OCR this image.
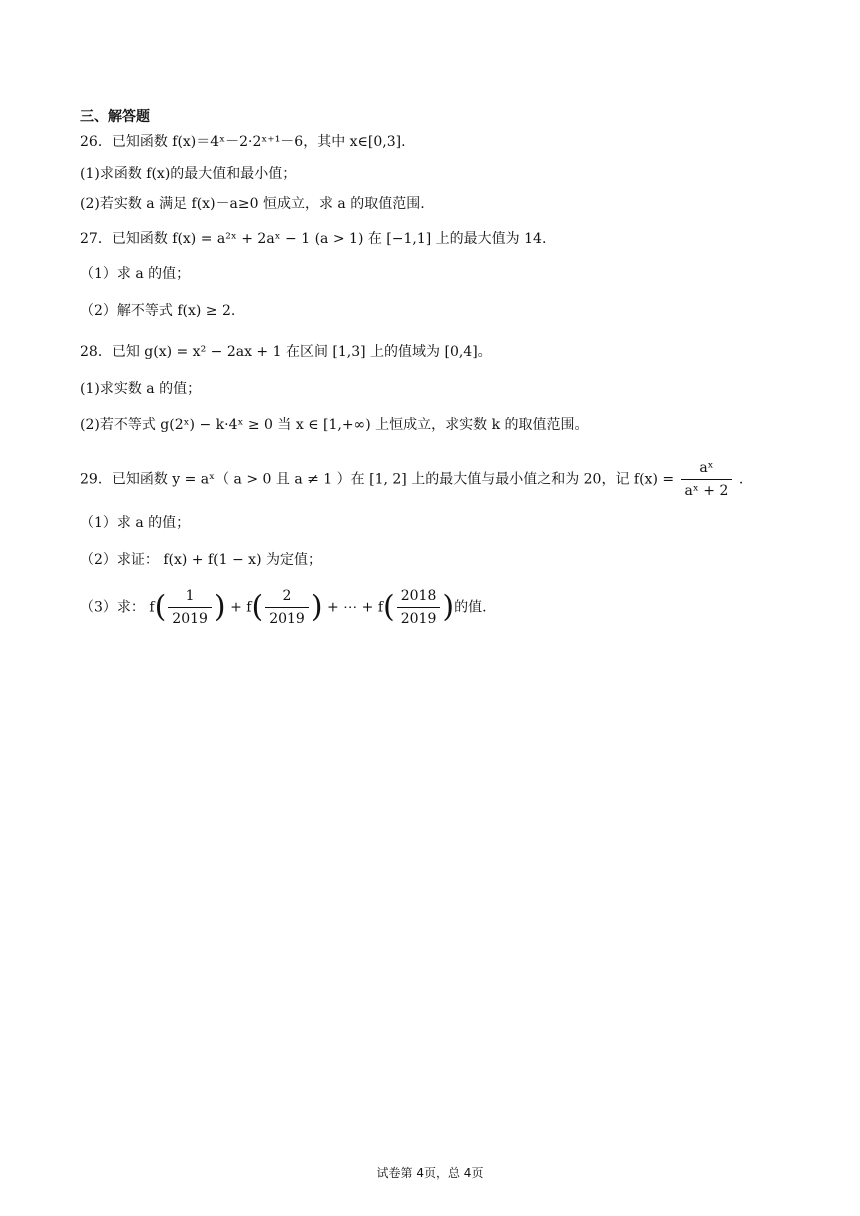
三、解答题
26．已知函数 f(x)＝4ˣ－2·2ˣ⁺¹－6，其中 x∈[0,3].
(1)求函数 f(x)的最大值和最小值；
(2)若实数 a 满足 f(x)－a≥0 恒成立，求 a 的取值范围.
27．已知函数 f(x) = a²ˣ + 2aˣ − 1 (a > 1) 在 [−1,1] 上的最大值为 14.
（1）求 a 的值；
（2）解不等式 f(x) ≥ 2.
28．已知 g(x) = x² − 2ax + 1 在区间 [1,3] 上的值域为 [0,4]。
(1)求实数 a 的值；
(2)若不等式 g(2ˣ) − k·4ˣ ≥ 0 当 x ∈ [1,+∞) 上恒成立，求实数 k 的取值范围。
29．已知函数 y = aˣ（ a > 0 且 a ≠ 1 ）在 [1, 2] 上的最大值与最小值之和为 20，记 $f(x) = \frac{\text{aˣ}}{\text{aˣ + 2}}$ .
（1）求 a 的值；
（2）求证： f(x) + f(1 − x) 为定值；
（3）求： $f( \frac{1}{2019}$ ) + $f( \frac{2}{2019}$ ) + ⋯ + $f( \frac{2018}{2019}$ )的值.
试卷第 4页，总 4页
